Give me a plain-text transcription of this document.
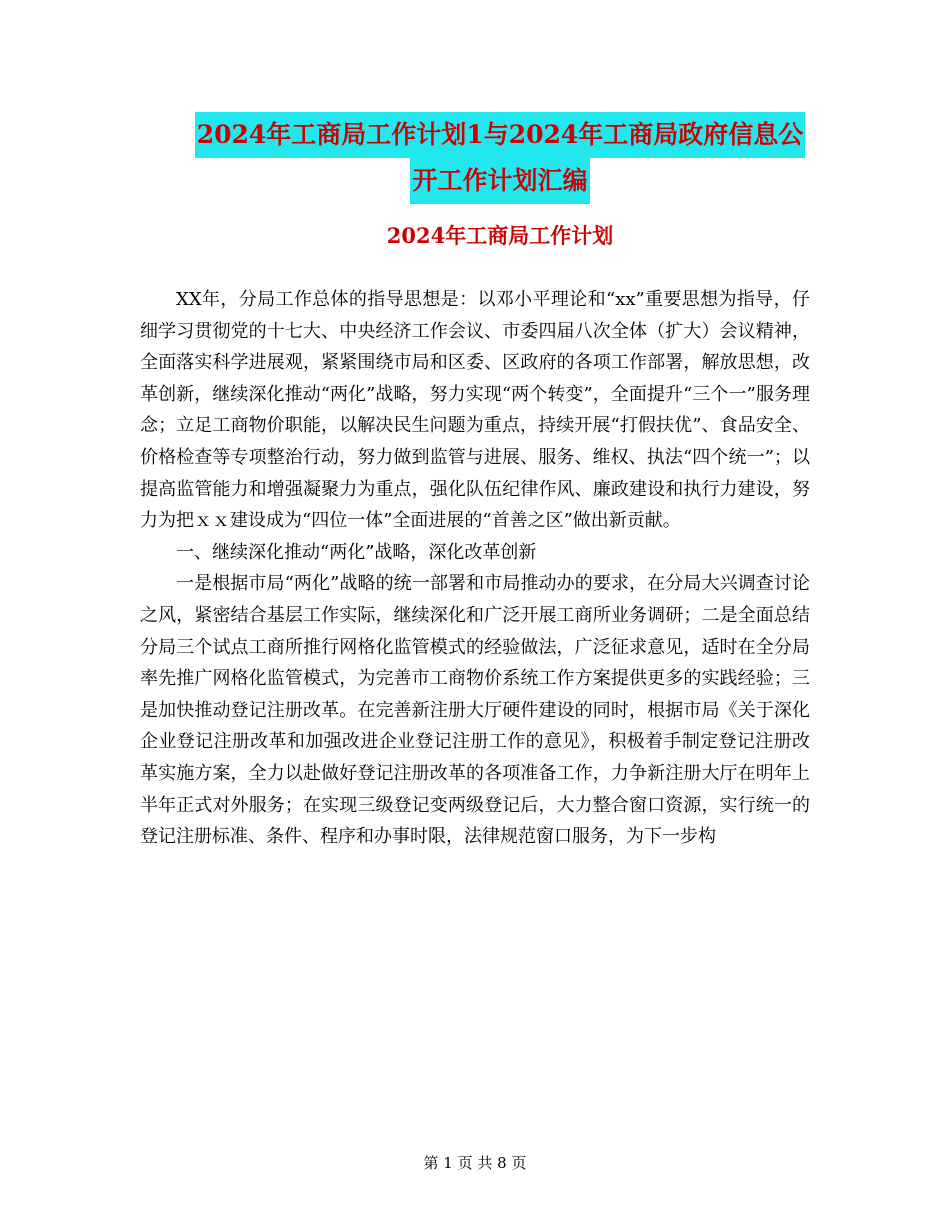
2024年工商局工作计划1与2024年工商局政府信息公
开工作计划汇编
2024年工商局工作计划

XX年，分局工作总体的指导思想是：以邓小平理论和“xx”重要思想为指导，仔细学习贯彻党的十七大、中央经济工作会议、市委四届八次全体（扩大）会议精神，全面落实科学进展观，紧紧围绕市局和区委、区政府的各项工作部署，解放思想，改革创新，继续深化推动“两化”战略，努力实现“两个转变”，全面提升“三个一”服务理念；立足工商物价职能，以解决民生问题为重点，持续开展“打假扶优”、食品安全、价格检查等专项整治行动，努力做到监管与进展、服务、维权、执法“四个统一”；以提高监管能力和增强凝聚力为重点，强化队伍纪律作风、廉政建设和执行力建设，努力为把ｘｘ建设成为“四位一体”全面进展的“首善之区”做出新贡献。

一、继续深化推动“两化”战略，深化改革创新

一是根据市局“两化”战略的统一部署和市局推动办的要求，在分局大兴调查讨论之风，紧密结合基层工作实际，继续深化和广泛开展工商所业务调研；二是全面总结分局三个试点工商所推行网格化监管模式的经验做法，广泛征求意见，适时在全分局率先推广网格化监管模式，为完善市工商物价系统工作方案提供更多的实践经验；三是加快推动登记注册改革。在完善新注册大厅硬件建设的同时，根据市局《关于深化企业登记注册改革和加强改进企业登记注册工作的意见》，积极着手制定登记注册改革实施方案，全力以赴做好登记注册改革的各项准备工作，力争新注册大厅在明年上半年正式对外服务；在实现三级登记变两级登记后，大力整合窗口资源，实行统一的登记注册标准、条件、程序和办事时限，法律规范窗口服务，为下一步构

第 1 页 共 8 页
